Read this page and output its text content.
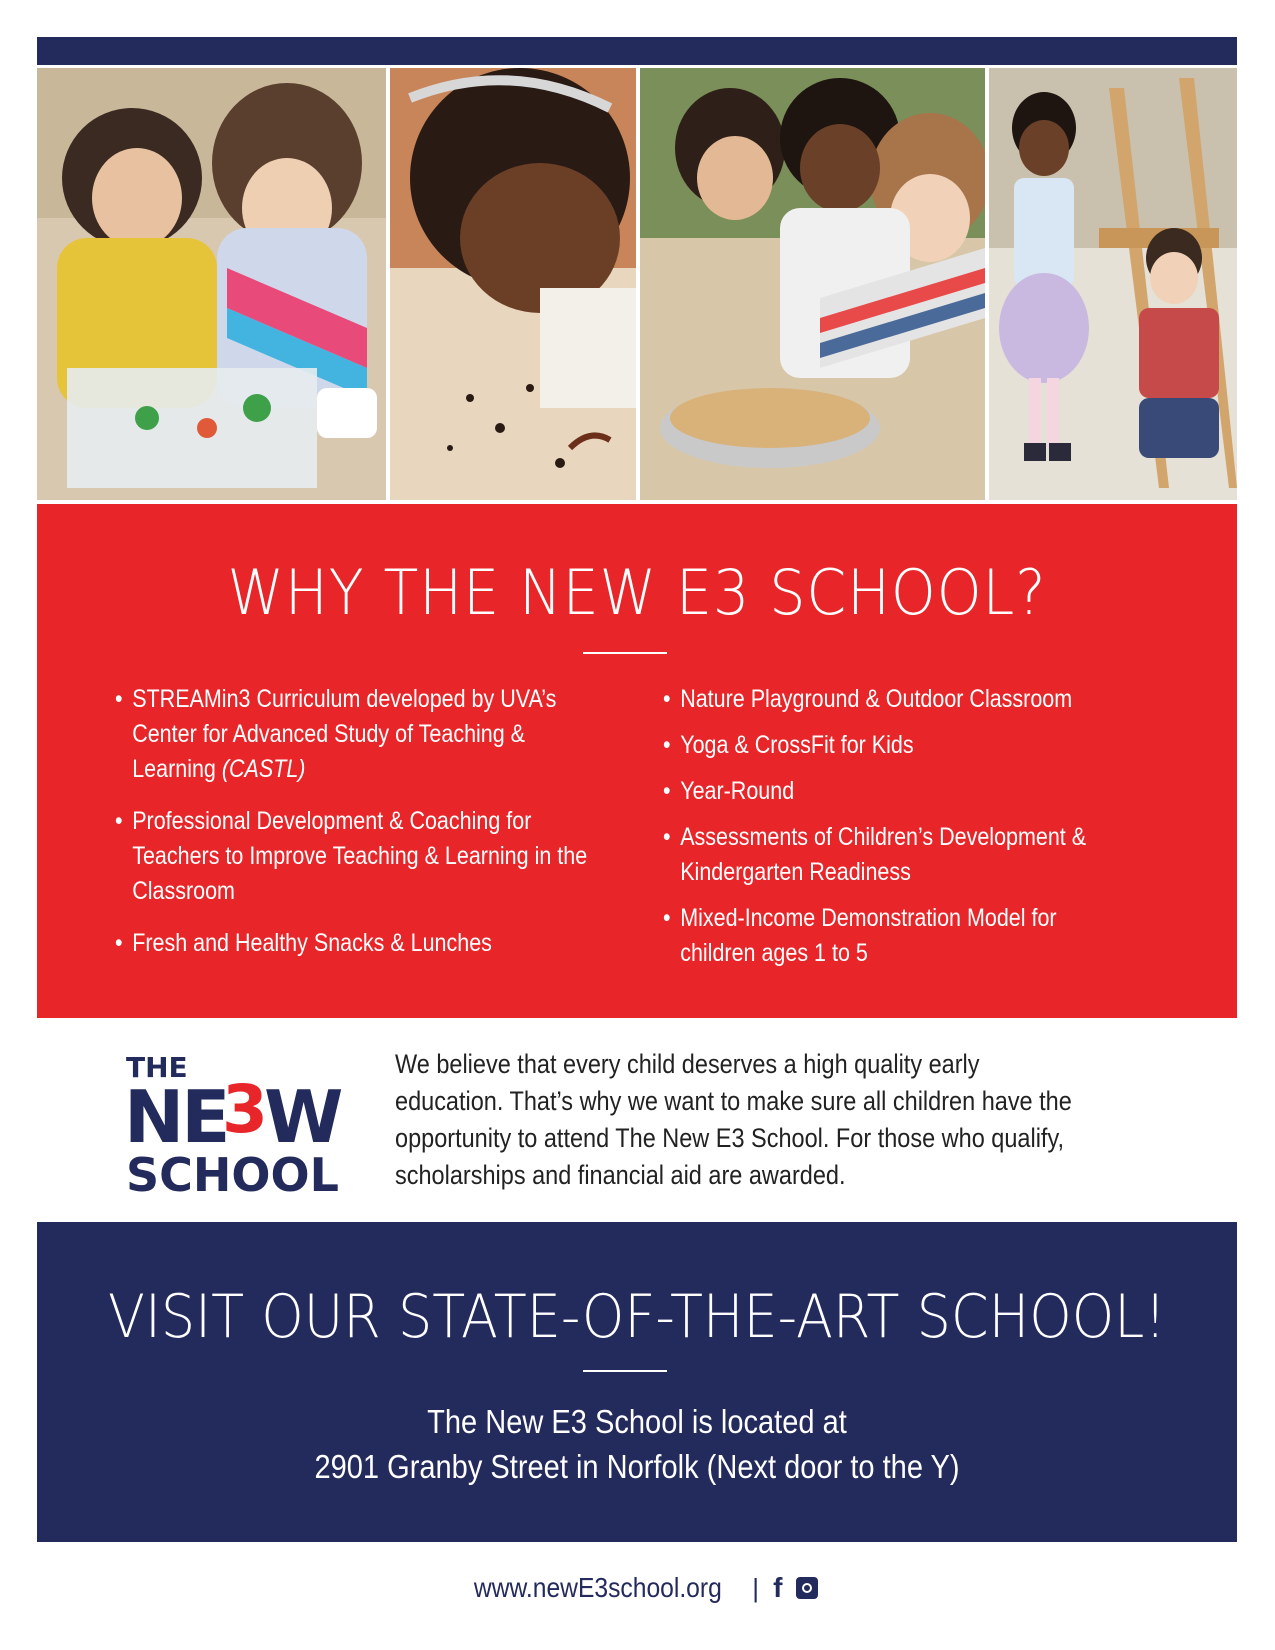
WHY THE NEW E3 SCHOOL?
• STREAMin3 Curriculum developed by UVA’s Center for Advanced Study of Teaching & Learning (CASTL)
• Professional Development & Coaching for Teachers to Improve Teaching & Learning in the Classroom
• Fresh and Healthy Snacks & Lunches
• Nature Playground & Outdoor Classroom
• Yoga & CrossFit for Kids
• Year-Round
• Assessments of Children’s Development & Kindergarten Readiness
• Mixed-Income Demonstration Model for children ages 1 to 5
THE
NE
3
W
SCHOOL
We believe that every child deserves a high quality early education. That’s why we want to make sure all children have the opportunity to attend The New E3 School. For those who qualify, scholarships and financial aid are awarded.
VISIT OUR STATE-OF-THE-ART SCHOOL!
The New E3 School is located at
2901 Granby Street in Norfolk (Next door to the Y)
www.newE3school.org | f
